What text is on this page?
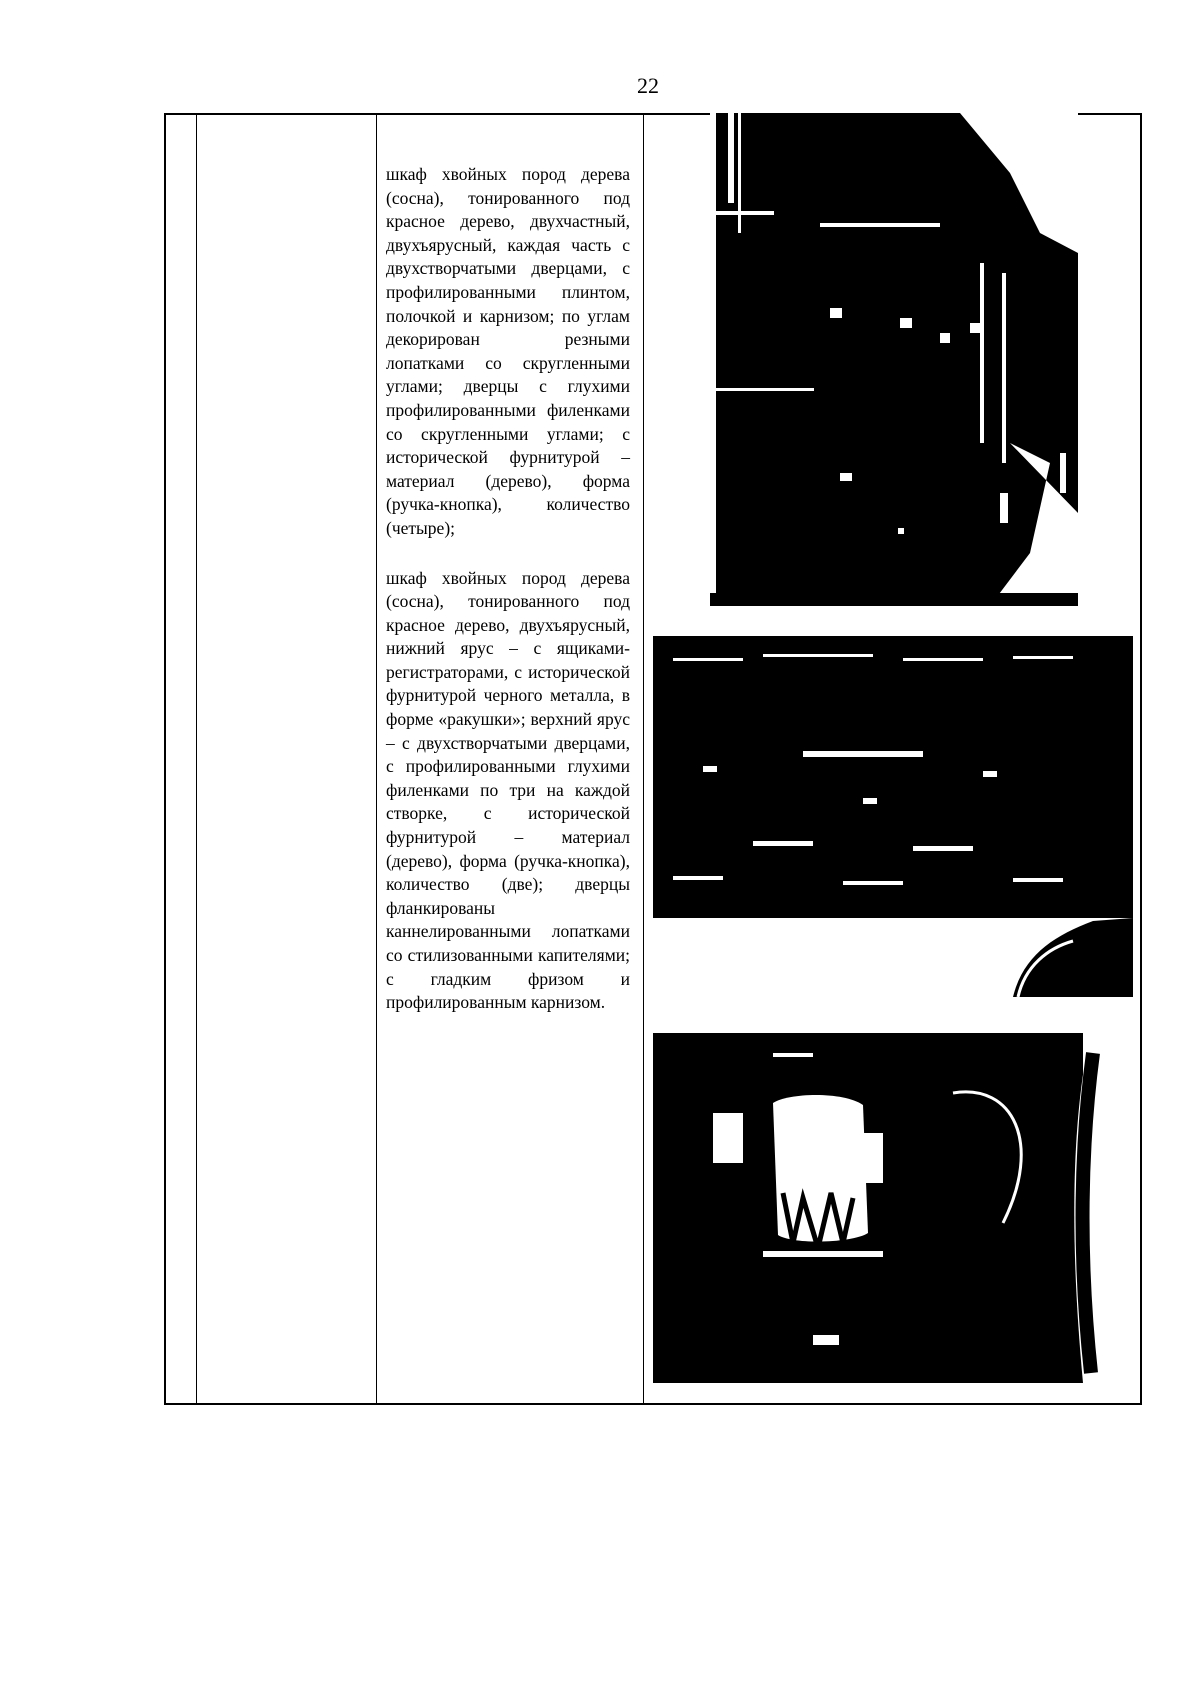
22

шкаф хвойных пород дерева (сосна), тонированного под красное дерево, двухчастный, двухъярусный, каждая часть с двухстворчатыми дверцами, с профилированными плинтом, полочкой и карнизом; по углам декорирован резными лопатками со скругленными углами; дверцы с глухими профилированными филенками со скругленными углами; с исторической фурнитурой – материал (дерево), форма (ручка-кнопка), количество (четыре);

шкаф хвойных пород дерева (сосна), тонированного под красное дерево, двухъярусный, нижний ярус – с ящиками-регистраторами, с исторической фурнитурой черного металла, в форме «ракушки»; верхний ярус – с двухстворчатыми дверцами, с профилированными глухими филенками по три на каждой створке, с исторической фурнитурой – материал (дерево), форма (ручка-кнопка), количество (две); дверцы фланкированы каннелированными лопатками со стилизованными капителями; с гладким фризом и профилированным карнизом.
